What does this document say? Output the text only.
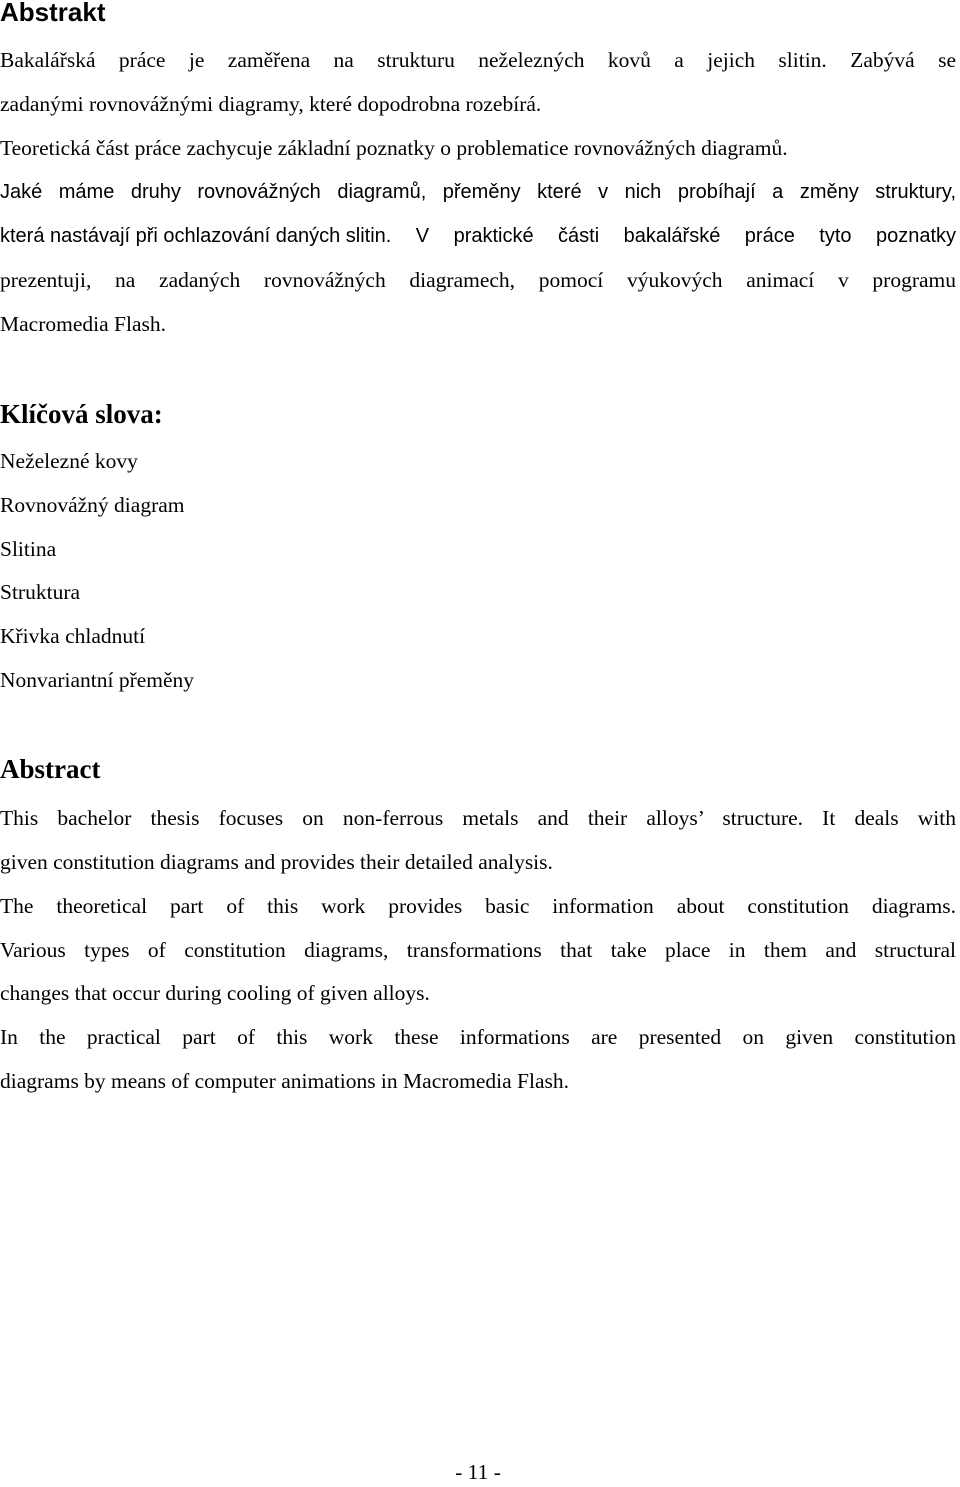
Abstrakt

Bakalářská práce je zaměřena na strukturu neželezných kovů a jejich slitin. Zabývá se

zadanými rovnovážnými diagramy, které dopodrobna rozebírá.

Teoretická část práce zachycuje základní poznatky o problematice rovnovážných diagramů.

Jaké máme druhy rovnovážných diagramů, přeměny které v nich probíhají a změny struktury,

která nastávají při ochlazování daných slitin. V praktické části bakalářské práce tyto poznatky

prezentuji, na zadaných rovnovážných diagramech, pomocí výukových animací v programu

Macromedia Flash.

Klíčová slova:

Neželezné kovy

Rovnovážný diagram

Slitina

Struktura

Křivka chladnutí

Nonvariantní přeměny

Abstract

This bachelor thesis focuses on non-ferrous metals and their alloys’ structure. It deals with

given constitution diagrams and provides their detailed analysis.

The theoretical part of this work provides basic information about constitution diagrams.

Various types of constitution diagrams, transformations that take place in them and structural

changes that occur during cooling of given alloys.

In the practical part of this work these informations are presented on given constitution

diagrams by means of computer animations in Macromedia Flash.

- 11 -
